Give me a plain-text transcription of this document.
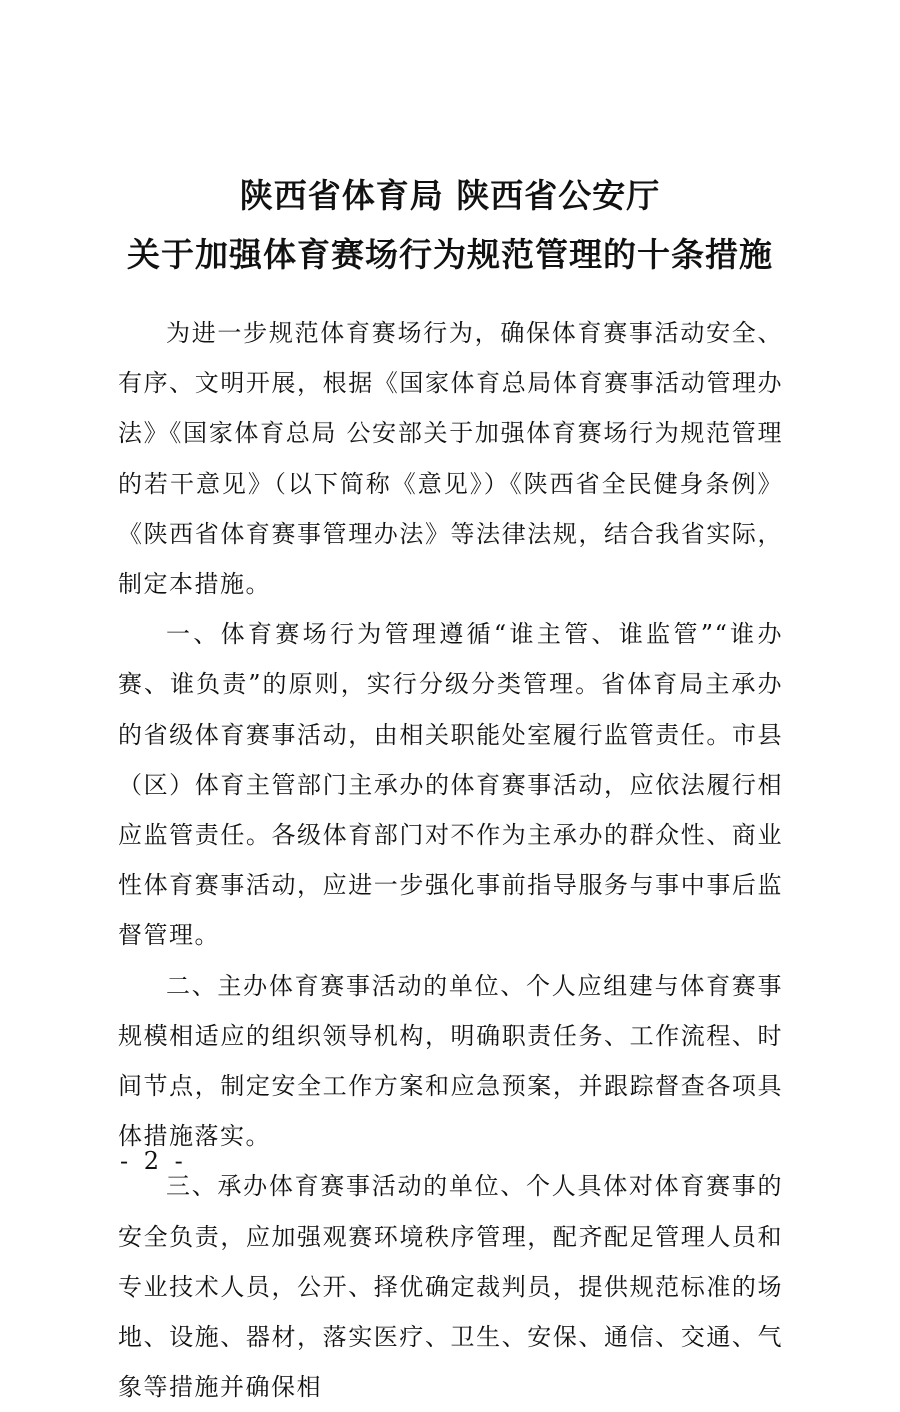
陕西省体育局 陕西省公安厅
关于加强体育赛场行为规范管理的十条措施

为进一步规范体育赛场行为，确保体育赛事活动安全、有序、文明开展，根据《国家体育总局体育赛事活动管理办法》《国家体育总局 公安部关于加强体育赛场行为规范管理的若干意见》（以下简称《意见》）《陕西省全民健身条例》《陕西省体育赛事管理办法》等法律法规，结合我省实际，制定本措施。

一、体育赛场行为管理遵循“谁主管、谁监管”“谁办赛、谁负责”的原则，实行分级分类管理。省体育局主承办的省级体育赛事活动，由相关职能处室履行监管责任。市县（区）体育主管部门主承办的体育赛事活动，应依法履行相应监管责任。各级体育部门对不作为主承办的群众性、商业性体育赛事活动，应进一步强化事前指导服务与事中事后监督管理。

二、主办体育赛事活动的单位、个人应组建与体育赛事规模相适应的组织领导机构，明确职责任务、工作流程、时间节点，制定安全工作方案和应急预案，并跟踪督查各项具体措施落实。

三、承办体育赛事活动的单位、个人具体对体育赛事的安全负责，应加强观赛环境秩序管理，配齐配足管理人员和专业技术人员，公开、择优确定裁判员，提供规范标准的场地、设施、器材，落实医疗、卫生、安保、通信、交通、气象等措施并确保相

- 2 -
